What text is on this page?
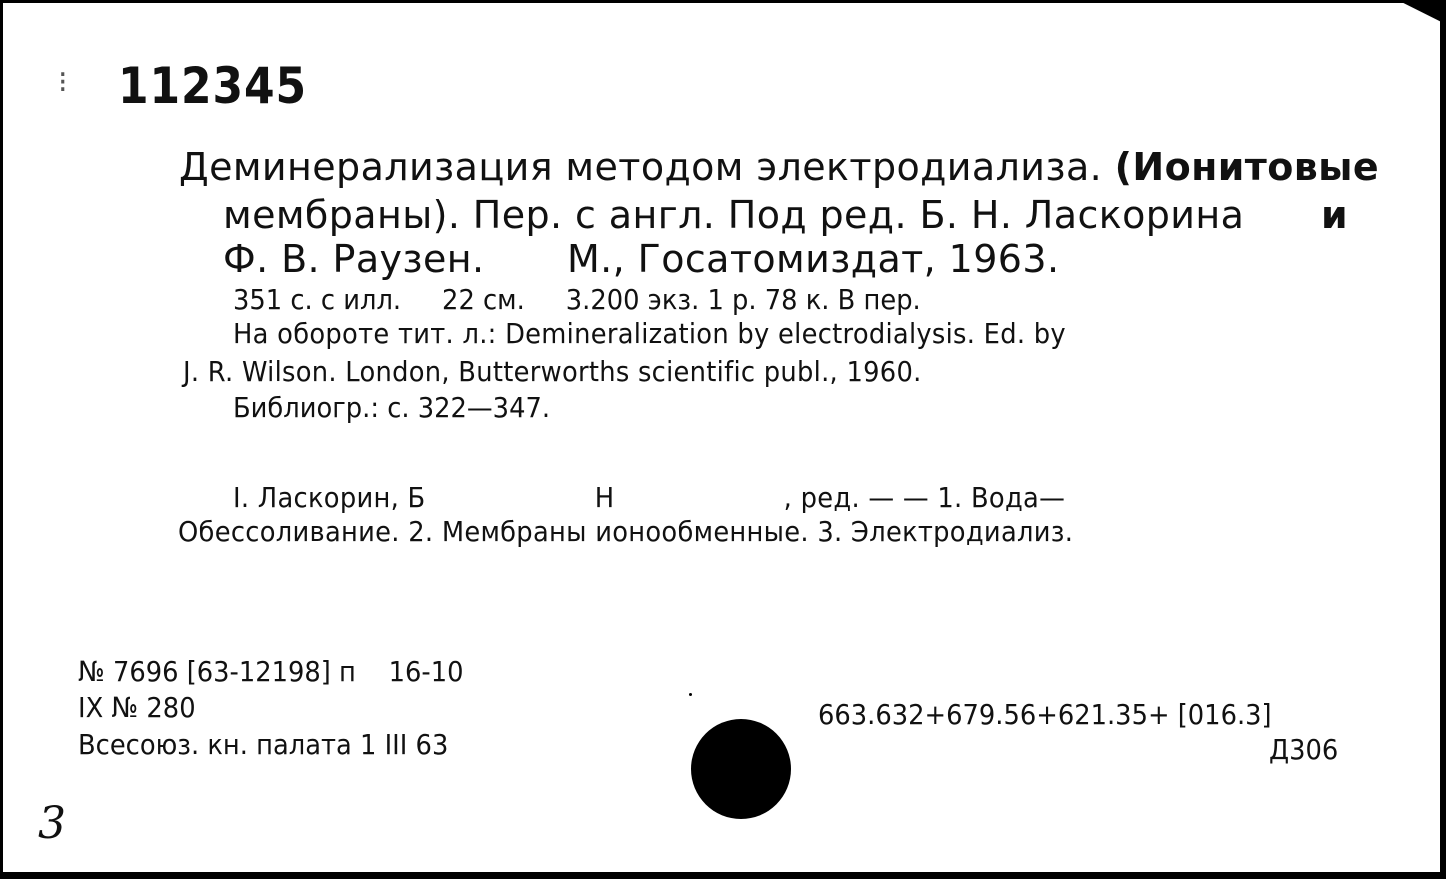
⁝ 112345
Деминерализация методом электродиализа. (Ионитовые
мембраны). Пер. с англ. Под ред. Б. Н. Ласкорина и
Ф. В. Раузен. М., Госатомиздат, 1963.
351 с. с илл.     22 см.     3.200 экз. 1 р. 78 к. В пер.
На обороте тит. л.: Demineralization by electrodialysis. Ed. by
J. R. Wilson. London, Butterworths scientific publ., 1960.
Библиогр.: с. 322—347.
I. Ласкорин, Б                    Н                    , ред. — — 1. Вода—
Обессоливание. 2. Мембраны ионообменные. 3. Электродиализ.
№ 7696 [63-12198] п    16-10
IX № 280
Всесоюз. кн. палата 1 III 63
663.632+679.56+621.35+ [016.3]
Д306
3
